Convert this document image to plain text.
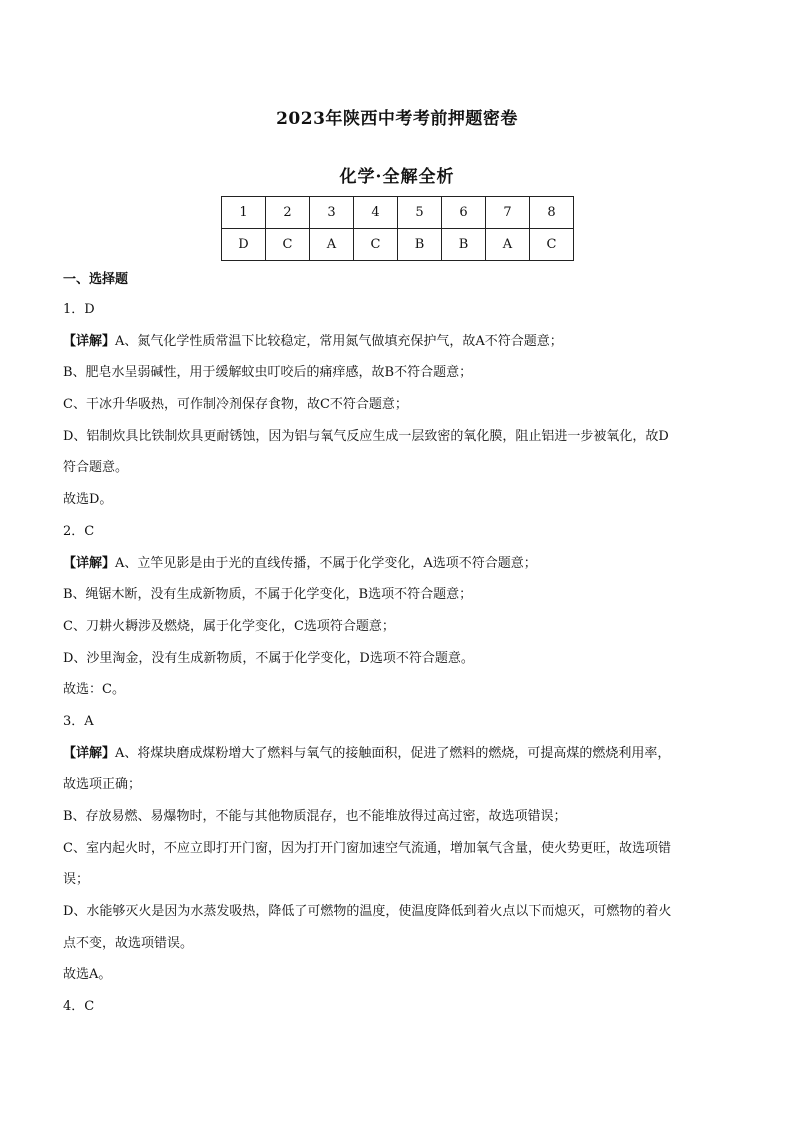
2023年陕西中考考前押题密卷
化学·全解全析
1	2	3	4	5	6	7	8
D	C	A	C	B	B	A	C
一、选择题
1．D
【详解】A、氮气化学性质常温下比较稳定，常用氮气做填充保护气，故A不符合题意；
B、肥皂水呈弱碱性，用于缓解蚊虫叮咬后的痛痒感，故B不符合题意；
C、干冰升华吸热，可作制冷剂保存食物，故C不符合题意；
D、铝制炊具比铁制炊具更耐锈蚀，因为铝与氧气反应生成一层致密的氧化膜，阻止铝进一步被氧化，故D
符合题意。
故选D。
2．C
【详解】A、立竿见影是由于光的直线传播，不属于化学变化，A选项不符合题意；
B、绳锯木断，没有生成新物质，不属于化学变化，B选项不符合题意；
C、刀耕火耨涉及燃烧，属于化学变化，C选项符合题意；
D、沙里淘金，没有生成新物质，不属于化学变化，D选项不符合题意。
故选：C。
3．A
【详解】A、将煤块磨成煤粉增大了燃料与氧气的接触面积，促进了燃料的燃烧，可提高煤的燃烧利用率，
故选项正确；
B、存放易燃、易爆物时，不能与其他物质混存，也不能堆放得过高过密，故选项错误；
C、室内起火时，不应立即打开门窗，因为打开门窗加速空气流通，增加氧气含量，使火势更旺，故选项错
误；
D、水能够灭火是因为水蒸发吸热，降低了可燃物的温度，使温度降低到着火点以下而熄灭，可燃物的着火
点不变，故选项错误。
故选A。
4．C
